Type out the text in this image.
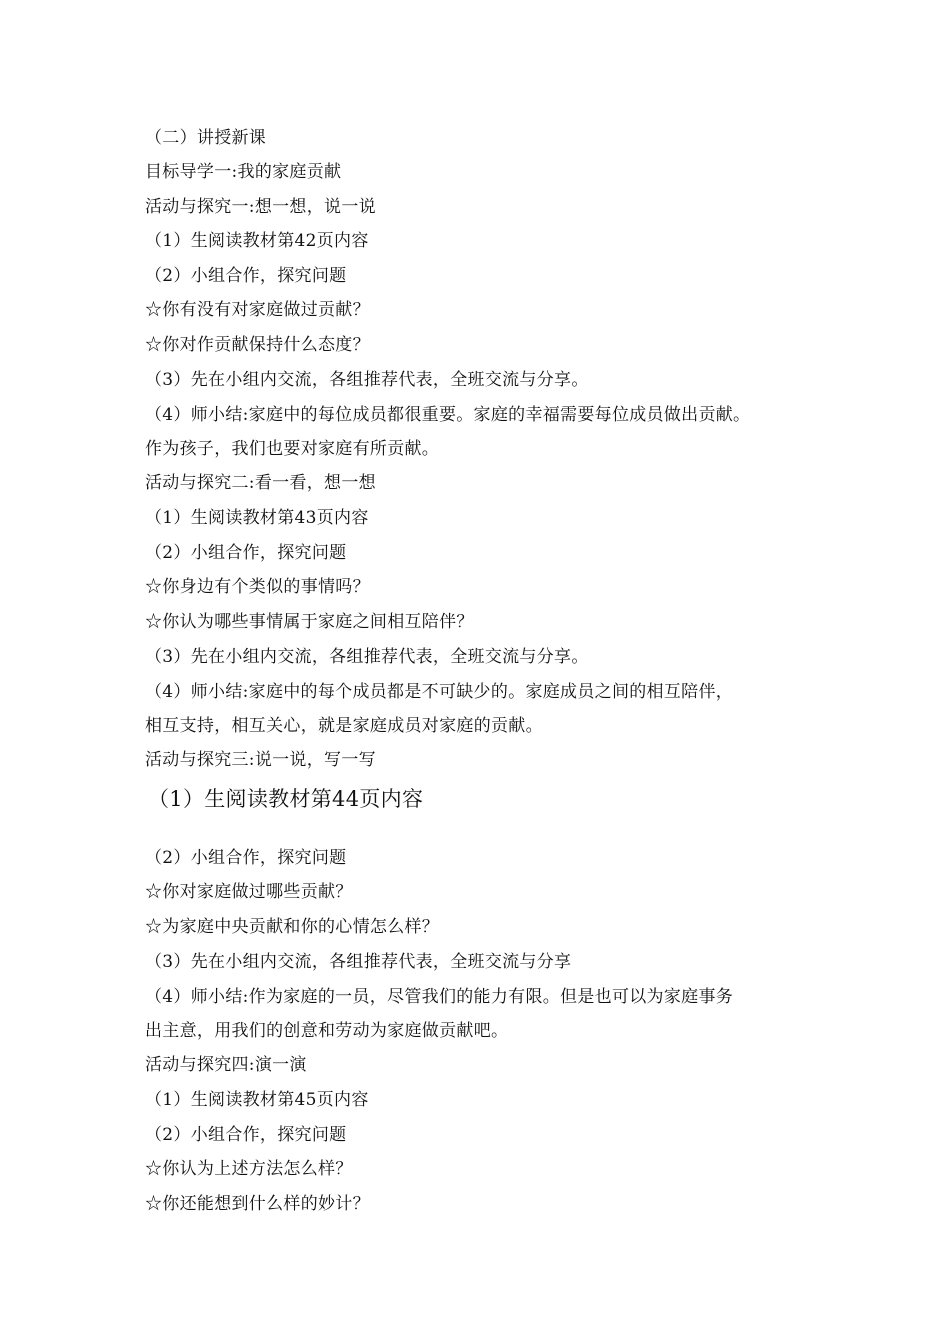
（二）讲授新课
目标导学一:我的家庭贡献
活动与探究一:想一想，说一说
（1）生阅读教材第42页内容
（2）小组合作，探究问题
☆你有没有对家庭做过贡献？
☆你对作贡献保持什么态度？
（3）先在小组内交流，各组推荐代表，全班交流与分享。
（4）师小结:家庭中的每位成员都很重要。家庭的幸福需要每位成员做出贡献。
作为孩子，我们也要对家庭有所贡献。
活动与探究二:看一看，想一想
（1）生阅读教材第43页内容
（2）小组合作，探究问题
☆你身边有个类似的事情吗？
☆你认为哪些事情属于家庭之间相互陪伴？
（3）先在小组内交流，各组推荐代表，全班交流与分享。
（4）师小结:家庭中的每个成员都是不可缺少的。家庭成员之间的相互陪伴，
相互支持，相互关心，就是家庭成员对家庭的贡献。
活动与探究三:说一说，写一写
（1）生阅读教材第44页内容
（2）小组合作，探究问题
☆你对家庭做过哪些贡献？
☆为家庭中央贡献和你的心情怎么样？
（3）先在小组内交流，各组推荐代表，全班交流与分享
（4）师小结:作为家庭的一员，尽管我们的能力有限。但是也可以为家庭事务
出主意，用我们的创意和劳动为家庭做贡献吧。
活动与探究四:演一演
（1）生阅读教材第45页内容
（2）小组合作，探究问题
☆你认为上述方法怎么样？
☆你还能想到什么样的妙计？
